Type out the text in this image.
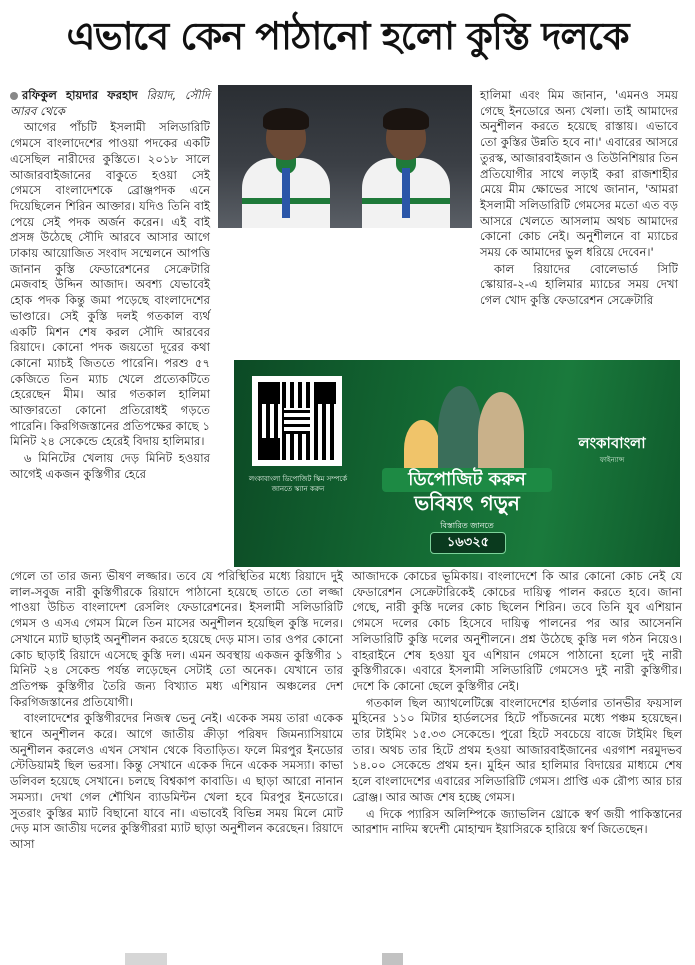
এভাবে কেন পাঠানো হলো কুস্তি দলকে

রফিকুল হায়দার ফরহাদ রিয়াদ, সৌদি আরব থেকে

আগের পাঁচটি ইসলামী সলিডারিটি গেমসে বাংলাদেশের পাওয়া পদকের একটি এসেছিল নারীদের কুস্তিতে। ২০১৮ সালে আজারবাইজানের বাকুতে হওয়া সেই গেমসে বাংলাদেশকে ব্রোঞ্জপদক এনে দিয়েছিলেন শিরিন আক্তার। যদিও তিনি বাই পেয়ে সেই পদক অর্জন করেন। এই বাই প্রসঙ্গ উঠেছে সৌদি আরবে আসার আগে ঢাকায় আয়োজিত সংবাদ সম্মেলনে আপত্তি জানান কুস্তি ফেডারেশনের সেক্রেটারি মেজবাহ উদ্দিন আজাদ। অবশ্য যেভাবেই হোক পদক কিন্তু জমা পড়েছে বাংলাদেশের ভাণ্ডারে। সেই কুস্তি দলই গতকাল ব্যর্থ একটি মিশন শেষ করল সৌদি আরবের রিয়াদে। কোনো পদক জয়তো দূরের কথা কোনো ম্যাচই জিততে পারেনি। পরশু ৫৭ কেজিতে তিন ম্যাচ খেলে প্রত্যেকটিতে হেরেছেন মীম। আর গতকাল হালিমা আক্তারতো কোনো প্রতিরোধই গড়তে পারেনি। কিরগিজস্তানের প্রতিপক্ষের কাছে ১ মিনিট ২৪ সেকেন্ডে হেরেই বিদায় হালিমার।

৬ মিনিটের খেলায় দেড় মিনিট হওয়ার আগেই একজন কুস্তিগীর হেরে

হালিমা এবং মিম জানান, 'এমনও সময় গেছে ইনডোরে অন্য খেলা। তাই আমাদের অনুশীলন করতে হয়েছে রাস্তায়। এভাবে তো কুস্তির উন্নতি হবে না।' এবারের আসরে তুরস্ক, আজারবাইজান ও তিউনিশিয়ার তিন প্রতিযোগীর সাথে লড়াই করা রাজশাহীর মেয়ে মীম ক্ষোভের সাথে জানান, 'আমরা ইসলামী সলিডারিটি গেমসের মতো এত বড় আসরে খেলতে আসলাম অথচ আমাদের কোনো কোচ নেই। অনুশীলনে বা ম্যাচের সময় কে আমাদের ভুল ধরিয়ে দেবেন।'

কাল রিয়াদের বোলেভার্ড সিটি স্কোয়ার-২-এ হালিমার ম্যাচের সময় দেখা গেল খোদ কুস্তি ফেডারেশন সেক্রেটারি

লংকাবাংলা ডিপোজিট স্কিম সম্পর্কে জানতে স্ক্যান করুন	ডিপোজিট করুন
ভবিষ্যৎ গড়ুন
বিস্তারিত জানতে
১৬৩২৫
লংকাবাংলা
ফাইন্যান্স

গেলে তা তার জন্য ভীষণ লজ্জার। তবে যে পরিস্থিতির মধ্যে রিয়াদে দুই লাল-সবুজ নারী কুস্তিগীরকে রিয়াদে পাঠানো হয়েছে তাতে তো লজ্জা পাওয়া উচিত বাংলাদেশ রেসলিং ফেডারেশনের। ইসলামী সলিডারিটি গেমস ও এসএ গেমস মিলে তিন মাসের অনুশীলন হয়েছিল কুস্তি দলের। সেখানে ম্যাট ছাড়াই অনুশীলন করতে হয়েছে দেড় মাস। তার ওপর কোনো কোচ ছাড়াই রিয়াদে এসেছে কুস্তি দল। এমন অবস্থায় একজন কুস্তিগীর ১ মিনিট ২৪ সেকেন্ড পর্যন্ত লড়েছেন সেটাই তো অনেক। যেখানে তার প্রতিপক্ষ কুস্তিগীর তৈরি জন্য বিখ্যাত মধ্য এশিয়ান অঞ্চলের দেশ কিরগিজস্তানের প্রতিযোগী।

বাংলাদেশের কুস্তিগীরদের নিজস্ব ভেনু নেই। একেক সময় তারা একেক স্থানে অনুশীলন করে। আগে জাতীয় ক্রীড়া পরিষদ জিমন্যাসিয়ামে অনুশীলন করলেও এখন সেখান থেকে বিতাড়িত। ফলে মিরপুর ইনডোর স্টেডিয়ামই ছিল ভরসা। কিন্তু সেখানে একেক দিনে একেক সমস্যা। কাভা ডলিবল হয়েছে সেখানে। চলছে বিশ্বকাপ কাবাডি। এ ছাড়া আরো নানান সমস্যা। দেখা গেল শৌখিন ব্যাডমিন্টন খেলা হবে মিরপুর ইনডোরে। সুতরাং কুস্তির ম্যাট বিছানো যাবে না। এভাবেই বিভিন্ন সময় মিলে মোট দেড় মাস জাতীয় দলের কুস্তিগীররা ম্যাট ছাড়া অনুশীলন করেছেন। রিয়াদে আসা

আজাদকে কোচের ভূমিকায়। বাংলাদেশে কি আর কোনো কোচ নেই যে ফেডারেশন সেক্রেটারিকেই কোচের দায়িত্ব পালন করতে হবে। জানা গেছে, নারী কুস্তি দলের কোচ ছিলেন শিরিন। তবে তিনি যুব এশিয়ান গেমসে দলের কোচ হিসেবে দায়িত্ব পালনের পর আর আসেননি সলিডারিটি কুস্তি দলের অনুশীলনে। প্রশ্ন উঠেছে কুস্তি দল গঠন নিয়েও। বাহরাইনে শেষ হওয়া যুব এশিয়ান গেমসে পাঠানো হলো দুই নারী কুস্তিগীরকে। এবারে ইসলামী সলিডারিটি গেমসেও দুই নারী কুস্তিগীর। দেশে কি কোনো ছেলে কুস্তিগীর নেই।

গতকাল ছিল অ্যাথলেটিক্সে বাংলাদেশের হার্ডলার তানভীর ফয়সাল মুহিনের ১১০ মিটার হার্ডলসের হিটে পাঁচজনের মধ্যে পঞ্চম হয়েছেন। তার টাইমিং ১৫.৩৩ সেকেন্ডে। পুরো হিটে সবচেয়ে বাজে টাইমিং ছিল তার। অথচ তার হিটে প্রথম হওয়া আজারবাইজানের এরগাশ নরমুদভব ১৪.০০ সেকেন্ডে প্রথম হন। মুহিন আর হালিমার বিদায়ের মাধ্যমে শেষ হলে বাংলাদেশের এবারের সলিডারিটি গেমস। প্রাপ্তি এক রৌপ্য আর চার ব্রোঞ্জ। আর আজ শেষ হচ্ছে গেমস।

এ দিকে প্যারিস অলিম্পিকে জ্যাভলিন থ্রোকে স্বর্ণ জয়ী পাকিস্তানের আরশাদ নাদিম স্বদেশী মোহাম্মদ ইয়াসিরকে হারিয়ে স্বর্ণ জিতেছেন।
